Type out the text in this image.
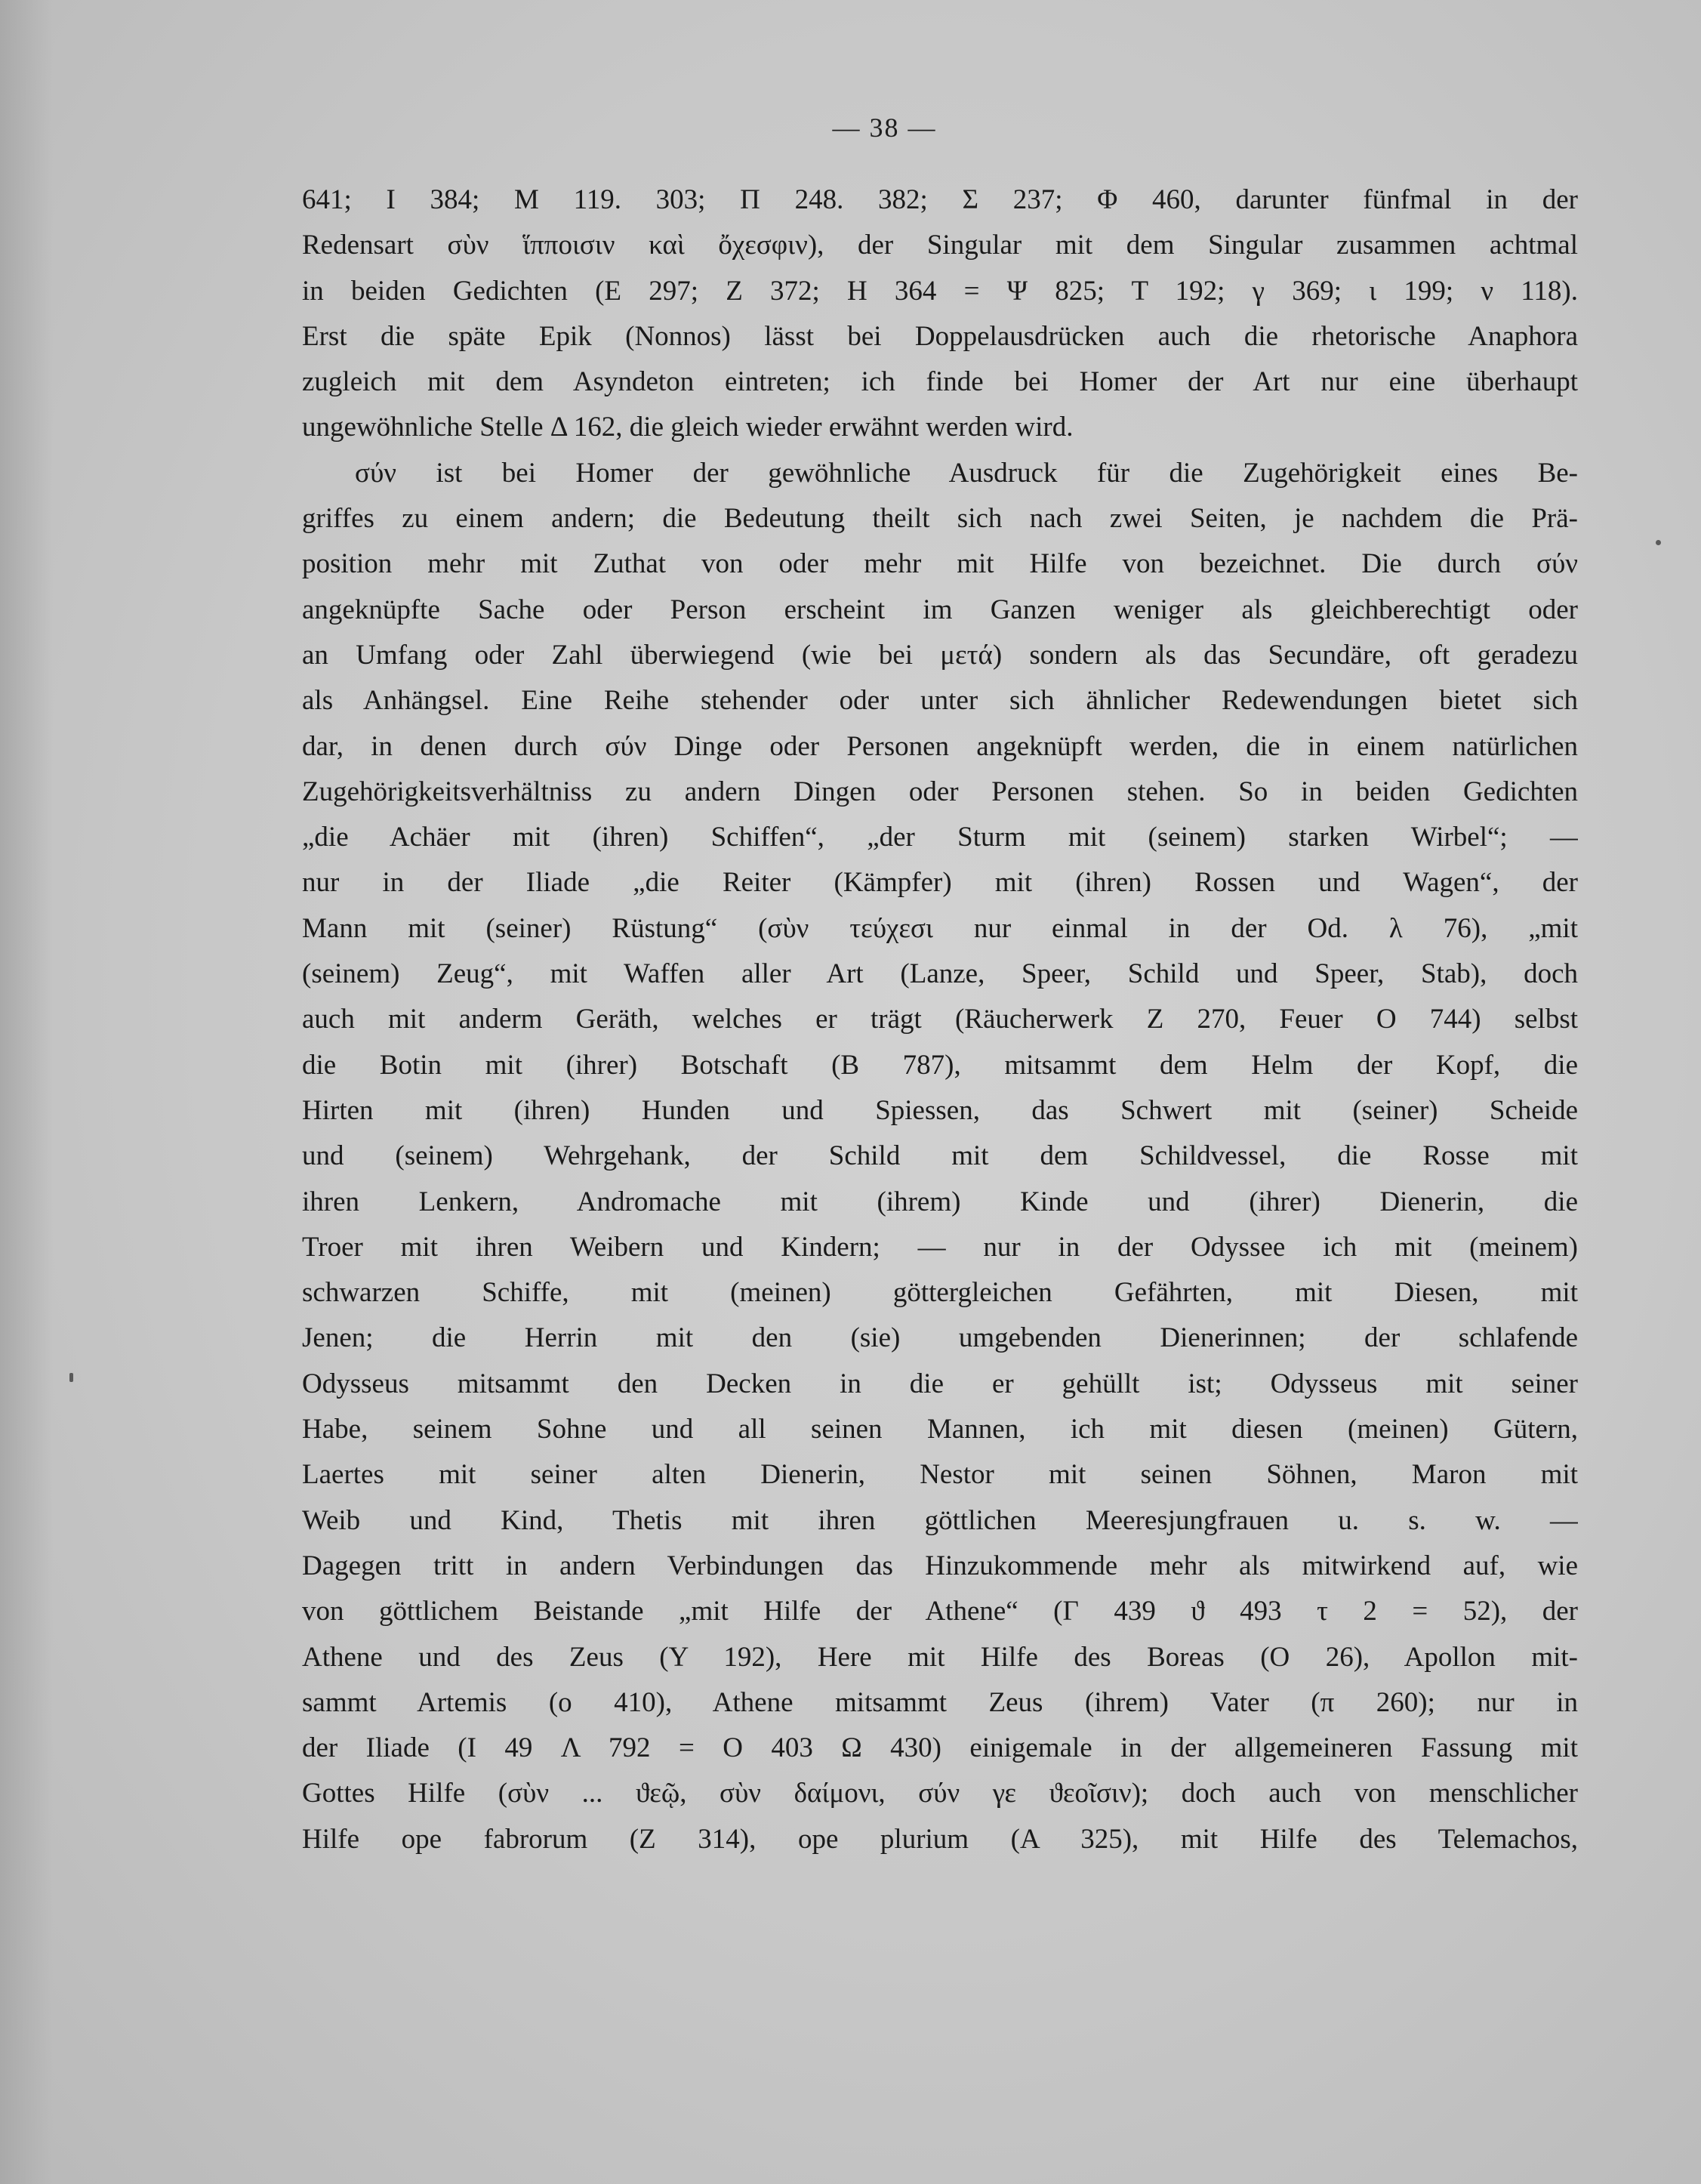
— 38 —
641; I 384; M 119. 303; Π 248. 382; Σ 237; Φ 460, darunter fünfmal in der
Redensart σὺν ἵπποισιν καὶ ὄχεσφιν), der Singular mit dem Singular zusammen achtmal
in beiden Gedichten (E 297; Z 372; H 364 = Ψ 825; Τ 192; γ 369; ι 199; ν 118).
Erst die späte Epik (Nonnos) lässt bei Doppelausdrücken auch die rhetorische Anaphora
zugleich mit dem Asyndeton eintreten; ich finde bei Homer der Art nur eine überhaupt
ungewöhnliche Stelle Δ 162, die gleich wieder erwähnt werden wird.
σύν ist bei Homer der gewöhnliche Ausdruck für die Zugehörigkeit eines Be-
griffes zu einem andern; die Bedeutung theilt sich nach zwei Seiten, je nachdem die Prä-
position mehr mit Zuthat von oder mehr mit Hilfe von bezeichnet. Die durch σύν
angeknüpfte Sache oder Person erscheint im Ganzen weniger als gleichberechtigt oder
an Umfang oder Zahl überwiegend (wie bei μετά) sondern als das Secundäre, oft geradezu
als Anhängsel. Eine Reihe stehender oder unter sich ähnlicher Redewendungen bietet sich
dar, in denen durch σύν Dinge oder Personen angeknüpft werden, die in einem natürlichen
Zugehörigkeitsverhältniss zu andern Dingen oder Personen stehen. So in beiden Gedichten
„die Achäer mit (ihren) Schiffen“, „der Sturm mit (seinem) starken Wirbel“; —
nur in der Iliade „die Reiter (Kämpfer) mit (ihren) Rossen und Wagen“, der
Mann mit (seiner) Rüstung“ (σὺν τεύχεσι nur einmal in der Od. λ 76), „mit
(seinem) Zeug“, mit Waffen aller Art (Lanze, Speer, Schild und Speer, Stab), doch
auch mit anderm Geräth, welches er trägt (Räucherwerk Z 270, Feuer O 744) selbst
die Botin mit (ihrer) Botschaft (B 787), mitsammt dem Helm der Kopf, die
Hirten mit (ihren) Hunden und Spiessen, das Schwert mit (seiner) Scheide
und (seinem) Wehrgehank, der Schild mit dem Schildvessel, die Rosse mit
ihren Lenkern, Andromache mit (ihrem) Kinde und (ihrer) Dienerin, die
Troer mit ihren Weibern und Kindern; — nur in der Odyssee ich mit (meinem)
schwarzen Schiffe, mit (meinen) göttergleichen Gefährten, mit Diesen, mit
Jenen; die Herrin mit den (sie) umgebenden Dienerinnen; der schlafende
Odysseus mitsammt den Decken in die er gehüllt ist; Odysseus mit seiner
Habe, seinem Sohne und all seinen Mannen, ich mit diesen (meinen) Gütern,
Laertes mit seiner alten Dienerin, Nestor mit seinen Söhnen, Maron mit
Weib und Kind, Thetis mit ihren göttlichen Meeresjungfrauen u. s. w. —
Dagegen tritt in andern Verbindungen das Hinzukommende mehr als mitwirkend auf, wie
von göttlichem Beistande „mit Hilfe der Athene“ (Γ 439 ϑ 493 τ 2 = 52), der
Athene und des Zeus (Υ 192), Here mit Hilfe des Boreas (O 26), Apollon mit-
sammt Artemis (ο 410), Athene mitsammt Zeus (ihrem) Vater (π 260); nur in
der Iliade (I 49 Λ 792 = O 403 Ω 430) einigemale in der allgemeineren Fassung mit
Gottes Hilfe (σὺν ... ϑεῷ, σὺν δαίμονι, σύν γε ϑεοῖσιν); doch auch von menschlicher
Hilfe ope fabrorum (Z 314), ope plurium (A 325), mit Hilfe des Telemachos,
